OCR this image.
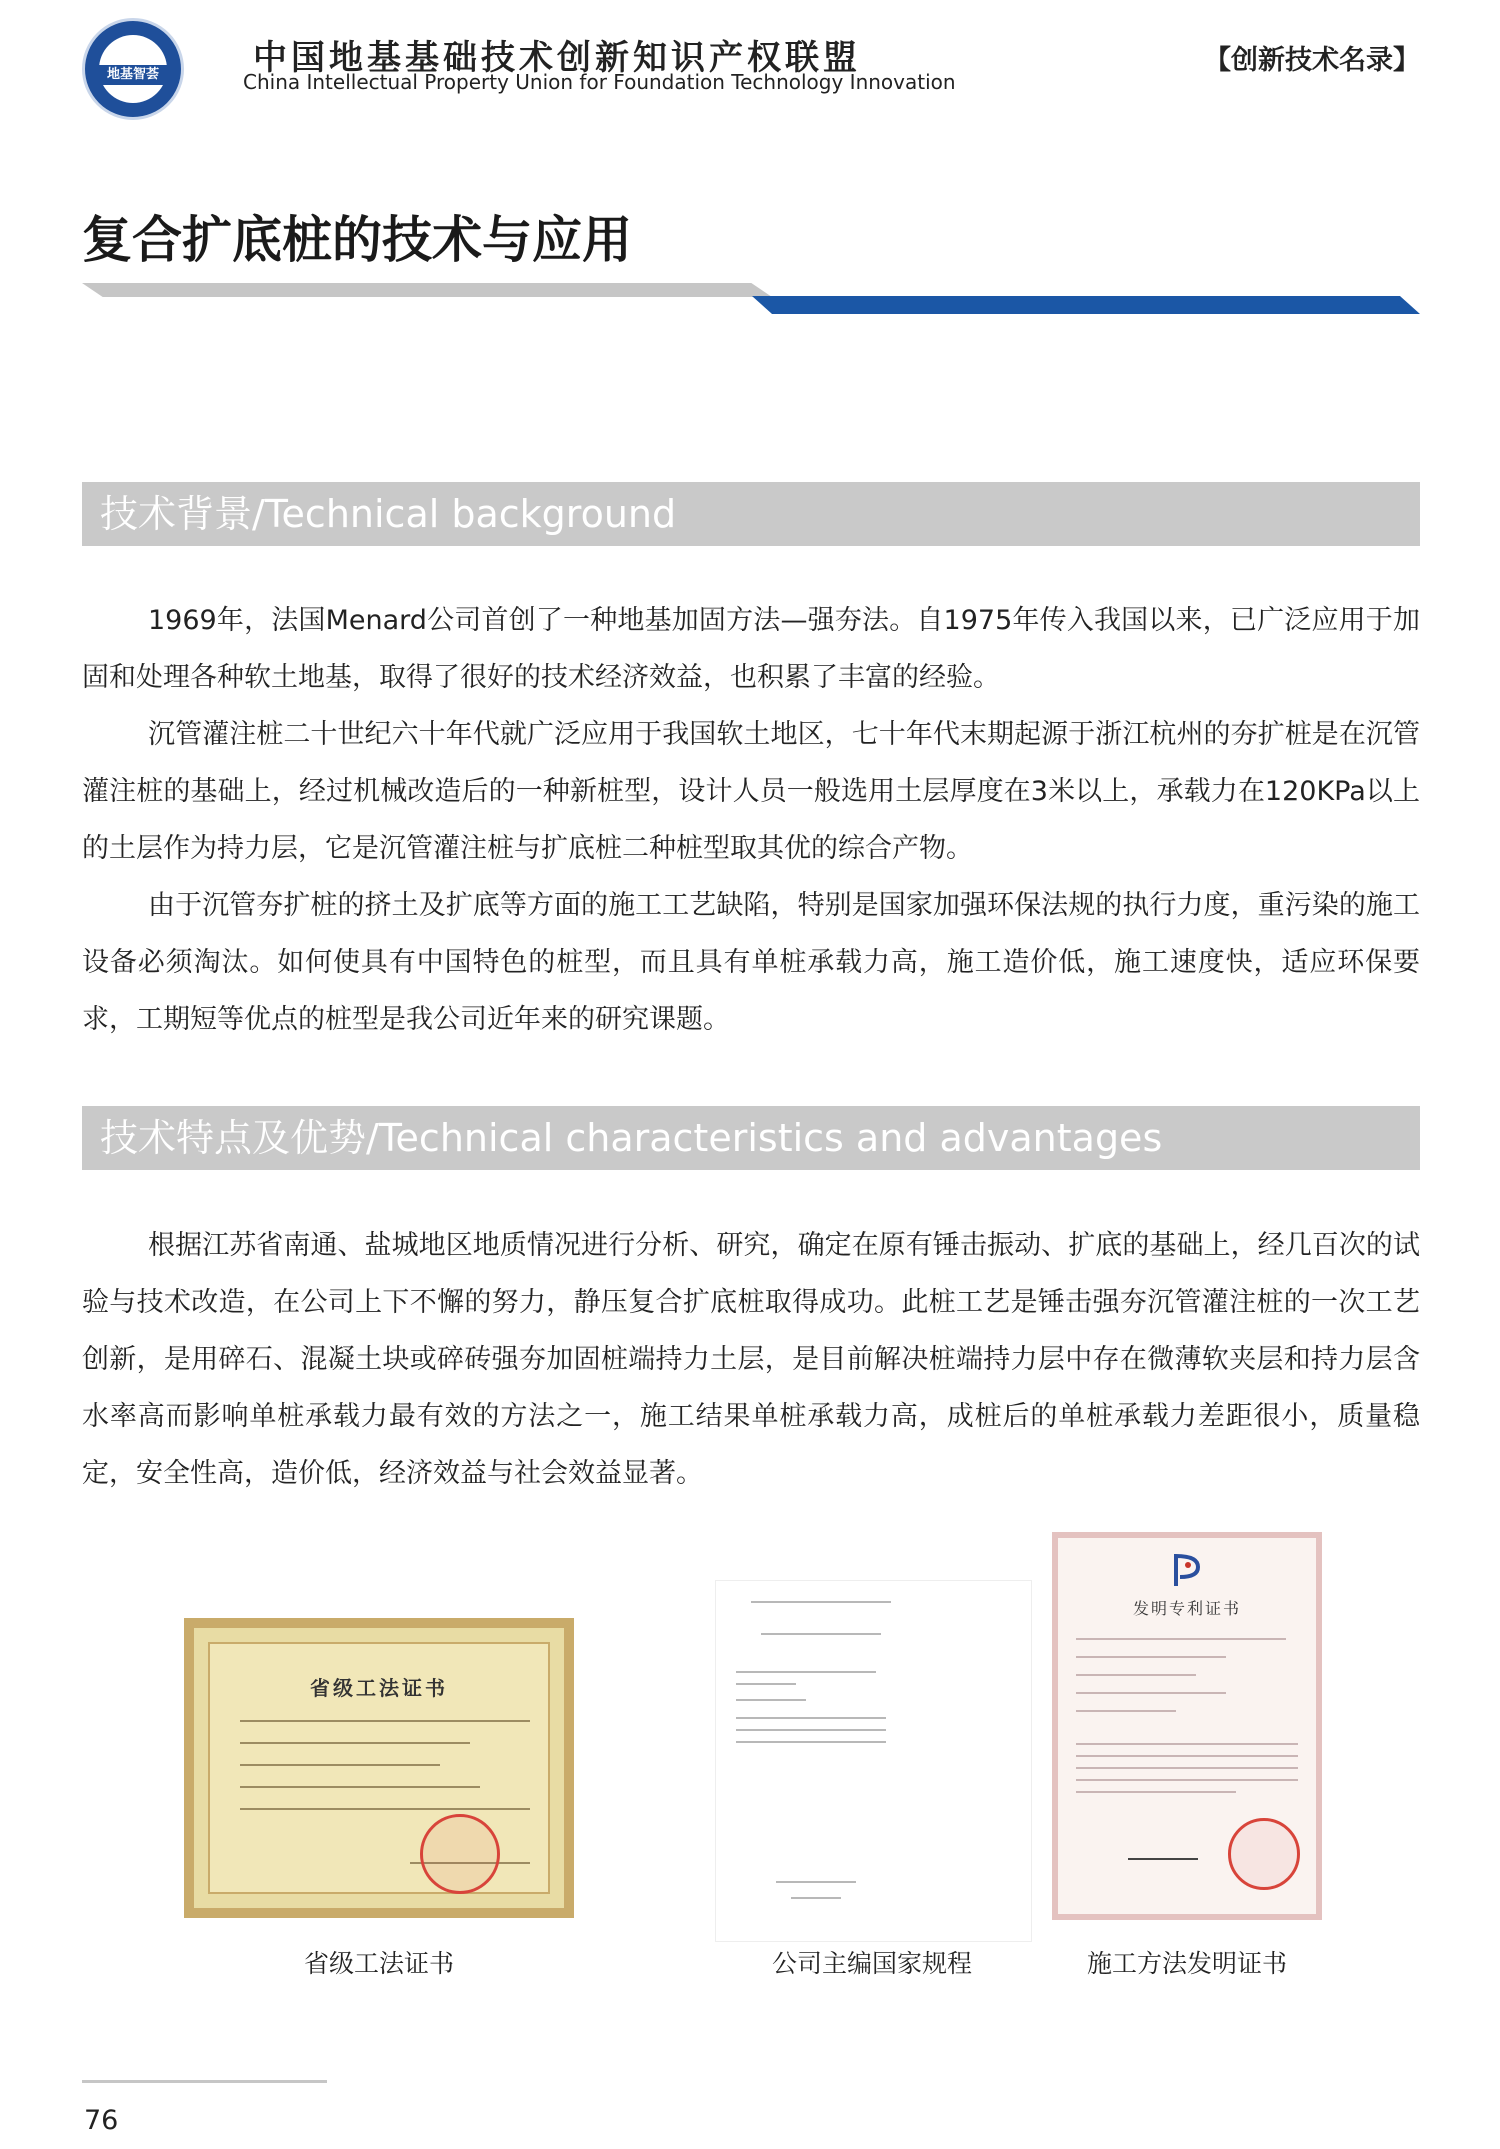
地基智荟
2014
中国地基基础技术创新知识产权联盟
China Intellectual Property Union for Foundation Technology Innovation
【创新技术名录】
复合扩底桩的技术与应用
技术背景/Technical background
1969年，法国Menard公司首创了一种地基加固方法—强夯法。自1975年传入我国以来，已广泛应用于加固和处理各种软土地基，取得了很好的技术经济效益，也积累了丰富的经验。
沉管灌注桩二十世纪六十年代就广泛应用于我国软土地区，七十年代末期起源于浙江杭州的夯扩桩是在沉管灌注桩的基础上，经过机械改造后的一种新桩型，设计人员一般选用土层厚度在3米以上，承载力在120KPa以上的土层作为持力层，它是沉管灌注桩与扩底桩二种桩型取其优的综合产物。
由于沉管夯扩桩的挤土及扩底等方面的施工工艺缺陷，特别是国家加强环保法规的执行力度，重污染的施工设备必须淘汰。如何使具有中国特色的桩型，而且具有单桩承载力高，施工造价低，施工速度快，适应环保要求，工期短等优点的桩型是我公司近年来的研究课题。
技术特点及优势/Technical characteristics and advantages
根据江苏省南通、盐城地区地质情况进行分析、研究，确定在原有锤击振动、扩底的基础上，经几百次的试验与技术改造，在公司上下不懈的努力，静压复合扩底桩取得成功。此桩工艺是锤击强夯沉管灌注桩的一次工艺创新，是用碎石、混凝土块或碎砖强夯加固桩端持力土层，是目前解决桩端持力层中存在微薄软夹层和持力层含水率高而影响单桩承载力最有效的方法之一，施工结果单桩承载力高，成桩后的单桩承载力差距很小，质量稳定，安全性高，造价低，经济效益与社会效益显著。
省级工法证书
发明专利证书
省级工法证书	公司主编国家规程	施工方法发明证书
76
